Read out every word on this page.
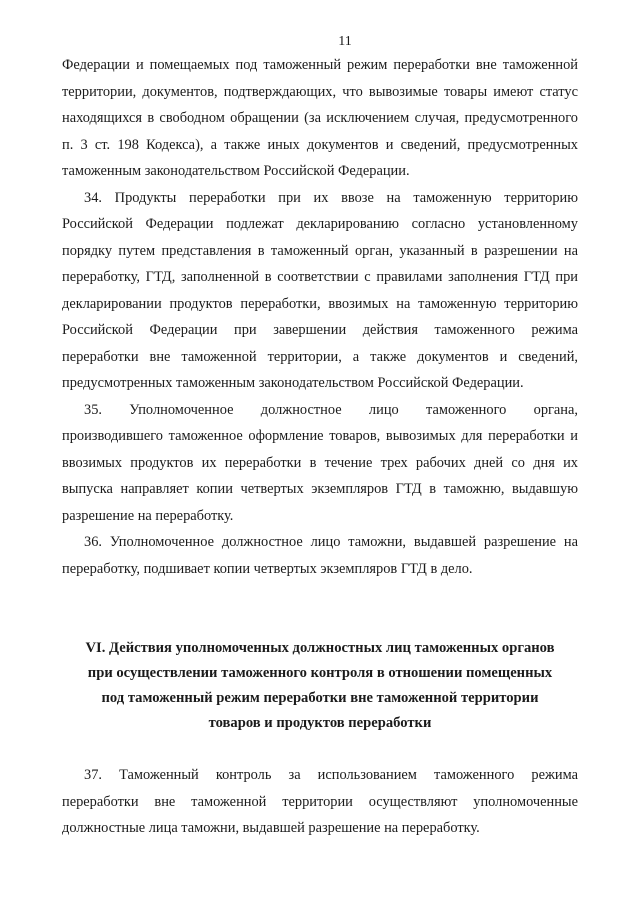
11
Федерации и помещаемых под таможенный режим переработки вне таможенной
территории, документов, подтверждающих, что вывозимые товары имеют статус
находящихся в свободном обращении (за исключением случая, предусмотренного
п. 3 ст. 198 Кодекса), а также иных документов и сведений, предусмотренных
таможенным законодательством Российской Федерации.
34. Продукты переработки при их ввозе на таможенную территорию
Российской Федерации подлежат декларированию согласно установленному
порядку путем представления в таможенный орган, указанный в разрешении на
переработку, ГТД, заполненной в соответствии с правилами заполнения ГТД при
декларировании продуктов переработки, ввозимых на таможенную территорию
Российской Федерации при завершении действия таможенного режима
переработки вне таможенной территории, а также документов и сведений,
предусмотренных таможенным законодательством Российской Федерации.
35. Уполномоченное должностное лицо таможенного органа,
производившего таможенное оформление товаров, вывозимых для переработки и
ввозимых продуктов их переработки в течение трех рабочих дней со дня их
выпуска направляет копии четвертых экземпляров ГТД в таможню, выдавшую
разрешение на переработку.
36. Уполномоченное должностное лицо таможни, выдавшей разрешение на
переработку, подшивает копии четвертых экземпляров ГТД в дело.
VI. Действия уполномоченных должностных лиц таможенных органов
при осуществлении таможенного контроля в отношении помещенных
под таможенный режим переработки вне таможенной территории
товаров и продуктов переработки
37. Таможенный контроль за использованием таможенного режима
переработки вне таможенной территории осуществляют уполномоченные
должностные лица таможни, выдавшей разрешение на переработку.
